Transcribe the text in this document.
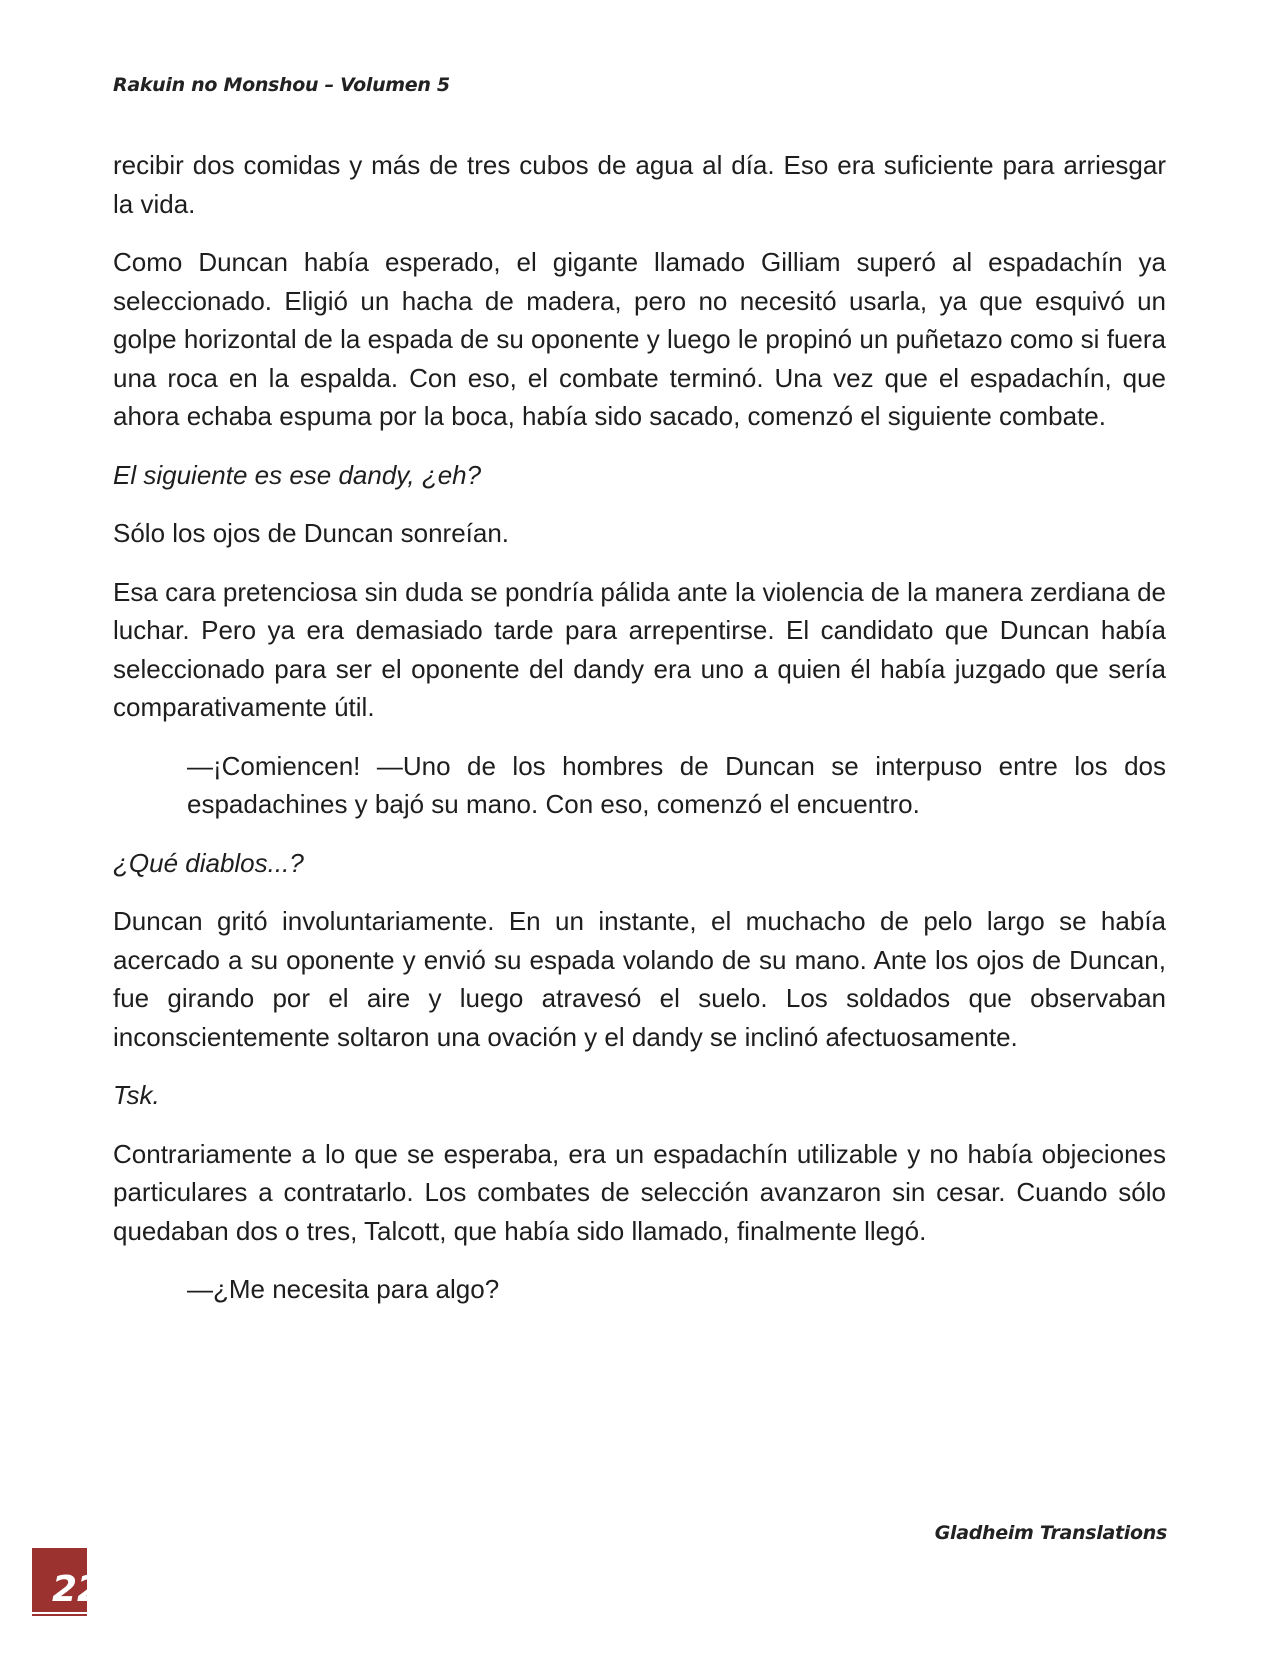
Rakuin no Monshou – Volumen 5

recibir dos comidas y más de tres cubos de agua al día. Eso era suficiente para arriesgar la vida.

Como Duncan había esperado, el gigante llamado Gilliam superó al espadachín ya seleccionado. Eligió un hacha de madera, pero no necesitó usarla, ya que esquivó un golpe horizontal de la espada de su oponente y luego le propinó un puñetazo como si fuera una roca en la espalda. Con eso, el combate terminó. Una vez que el espadachín, que ahora echaba espuma por la boca, había sido sacado, comenzó el siguiente combate.

El siguiente es ese dandy, ¿eh?

Sólo los ojos de Duncan sonreían.

Esa cara pretenciosa sin duda se pondría pálida ante la violencia de la manera zerdiana de luchar. Pero ya era demasiado tarde para arrepentirse. El candidato que Duncan había seleccionado para ser el oponente del dandy era uno a quien él había juzgado que sería comparativamente útil.

—¡Comiencen! —Uno de los hombres de Duncan se interpuso entre los dos espadachines y bajó su mano. Con eso, comenzó el encuentro.

¿Qué diablos...?

Duncan gritó involuntariamente. En un instante, el muchacho de pelo largo se había acercado a su oponente y envió su espada volando de su mano. Ante los ojos de Duncan, fue girando por el aire y luego atravesó el suelo. Los soldados que observaban inconscientemente soltaron una ovación y el dandy se inclinó afectuosamente.

Tsk.

Contrariamente a lo que se esperaba, era un espadachín utilizable y no había objeciones particulares a contratarlo. Los combates de selección avanzaron sin cesar. Cuando sólo quedaban dos o tres, Talcott, que había sido llamado, finalmente llegó.

—¿Me necesita para algo?

Gladheim Translations
22
